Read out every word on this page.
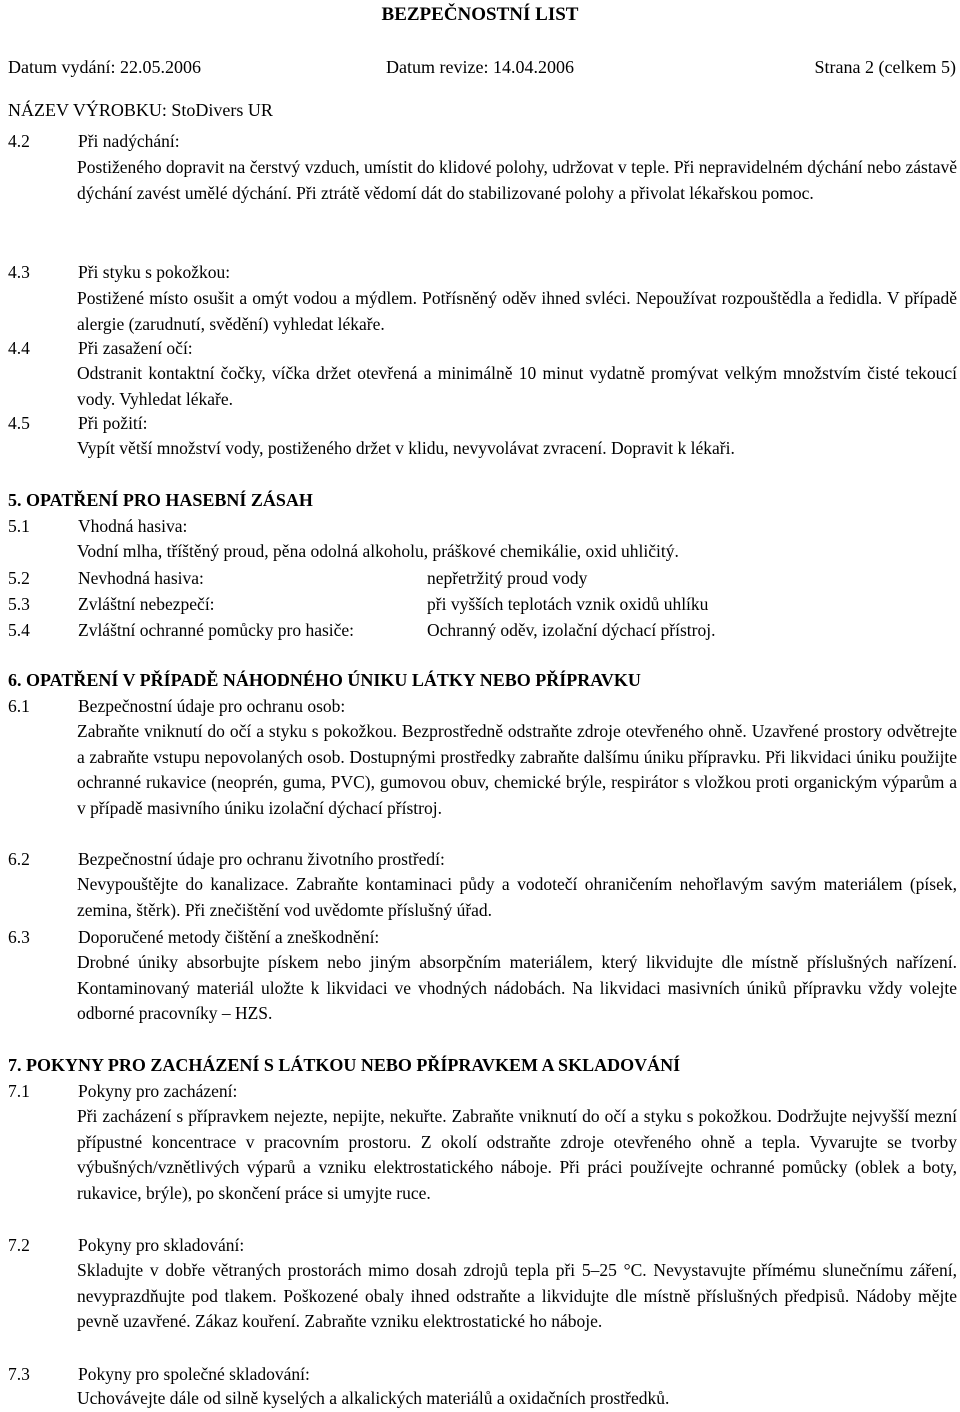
BEZPEČNOSTNÍ LIST
Datum vydání: 22.05.2006	Datum revize: 14.04.2006	Strana 2 (celkem 5)
NÁZEV VÝROBKU: StoDivers UR
4.2	Při nadýchání:

Postiženého dopravit na čerstvý vzduch, umístit do klidové polohy, udržovat v teple. Při nepravidelném dýchání nebo zástavě dýchání zavést umělé dýchání. Při ztrátě vědomí dát do stabilizované polohy a přivolat lékařskou pomoc.

4.3	Při styku s pokožkou:

Postižené místo osušit a omýt vodou a mýdlem. Potřísněný oděv ihned svléci. Nepoužívat rozpouštědla a ředidla. V případě alergie (zarudnutí, svědění) vyhledat lékaře.

4.4	Při zasažení očí:

Odstranit kontaktní čočky, víčka držet otevřená a minimálně 10 minut vydatně promývat velkým množstvím čisté tekoucí vody. Vyhledat lékaře.

4.5	Při požití:

Vypít větší množství vody, postiženého držet v klidu, nevyvolávat zvracení. Dopravit k lékaři.

5. OPATŘENÍ PRO HASEBNÍ ZÁSAH
5.1	Vhodná hasiva:

Vodní mlha, tříštěný proud, pěna odolná alkoholu, práškové chemikálie, oxid uhličitý.

5.2	Nevhodná hasiva:	nepřetržitý proud vody
5.3	Zvláštní nebezpečí:	při vyšších teplotách vznik oxidů uhlíku
5.4	Zvláštní ochranné pomůcky pro hasiče:	Ochranný oděv, izolační dýchací přístroj.
6. OPATŘENÍ V PŘÍPADĚ NÁHODNÉHO ÚNIKU LÁTKY NEBO PŘÍPRAVKU
6.1	Bezpečnostní údaje pro ochranu osob:

Zabraňte vniknutí do očí a styku s pokožkou. Bezprostředně odstraňte zdroje otevřeného ohně. Uzavřené prostory odvětrejte a zabraňte vstupu nepovolaných osob. Dostupnými prostředky zabraňte dalšímu úniku přípravku. Při likvidaci úniku použijte ochranné rukavice (neoprén, guma, PVC), gumovou obuv, chemické brýle, respirátor s vložkou proti organickým výparům a v případě masivního úniku izolační dýchací přístroj.

6.2	Bezpečnostní údaje pro ochranu životního prostředí:

Nevypouštějte do kanalizace. Zabraňte kontaminaci půdy a vodotečí ohraničením nehořlavým savým materiálem (písek, zemina, štěrk). Při znečištění vod uvědomte příslušný úřad.

6.3	Doporučené metody čištění a zneškodnění:

Drobné úniky absorbujte pískem nebo jiným absorpčním materiálem, který likvidujte dle místně příslušných nařízení. Kontaminovaný materiál uložte k likvidaci ve vhodných nádobách. Na likvidaci masivních úniků přípravku vždy volejte odborné pracovníky – HZS.

7. POKYNY PRO ZACHÁZENÍ S LÁTKOU NEBO PŘÍPRAVKEM A SKLADOVÁNÍ
7.1	Pokyny pro zacházení:

Při zacházení s přípravkem nejezte, nepijte, nekuřte. Zabraňte vniknutí do očí a styku s pokožkou. Dodržujte nejvyšší mezní přípustné koncentrace v pracovním prostoru. Z okolí odstraňte zdroje otevřeného ohně a tepla. Vyvarujte se tvorby výbušných/vznětlivých výparů a vzniku elektrostatického náboje. Při práci používejte ochranné pomůcky (oblek a boty, rukavice, brýle), po skončení práce si umyjte ruce.

7.2	Pokyny pro skladování:

Skladujte v dobře větraných prostorách mimo dosah zdrojů tepla při 5–25 °C. Nevystavujte přímému slunečnímu záření, nevyprazdňujte pod tlakem. Poškozené obaly ihned odstraňte a likvidujte dle místně příslušných předpisů. Nádoby mějte pevně uzavřené. Zákaz kouření. Zabraňte vzniku elektrostatické ho náboje.

7.3	Pokyny pro společné skladování:

Uchovávejte dále od silně kyselých a alkalických materiálů a oxidačních prostředků.
